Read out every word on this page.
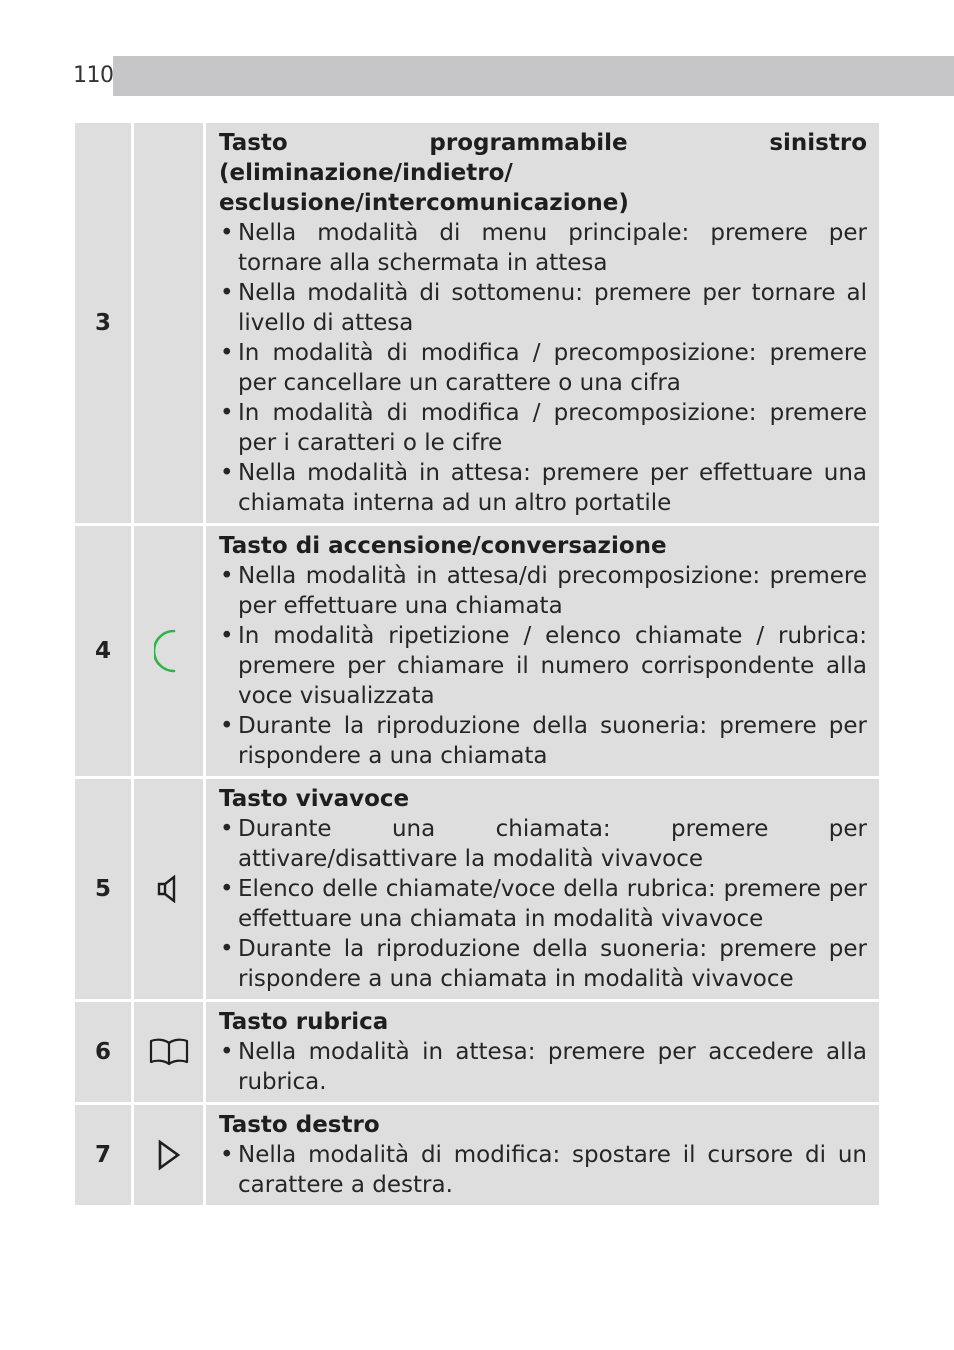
110
3
Tasto programmabile sinistro (eliminazione/indietro/ esclusione/intercomunicazione)
• Nella modalità di menu principale: premere per tornare alla schermata in attesa
• Nella modalità di sottomenu: premere per tornare al livello di attesa
• In modalità di modifica / precomposizione: premere per cancellare un carattere o una cifra
• In modalità di modifica / precomposizione: premere per i caratteri o le cifre
• Nella modalità in attesa: premere per effettuare una chiamata interna ad un altro portatile
4
Tasto di accensione/conversazione
• Nella modalità in attesa/di precomposizione: premere per effettuare una chiamata
• In modalità ripetizione / elenco chiamate / rubrica: premere per chiamare il numero corrispondente alla voce visualizzata
• Durante la riproduzione della suoneria: premere per rispondere a una chiamata
5
Tasto vivavoce
• Durante una chiamata: premere per attivare/disattivare la modalità vivavoce
• Elenco delle chiamate/voce della rubrica: premere per effettuare una chiamata in modalità vivavoce
• Durante la riproduzione della suoneria: premere per rispondere a una chiamata in modalità vivavoce
6
Tasto rubrica
• Nella modalità in attesa: premere per accedere alla rubrica.
7
Tasto destro
• Nella modalità di modifica: spostare il cursore di un carattere a destra.
